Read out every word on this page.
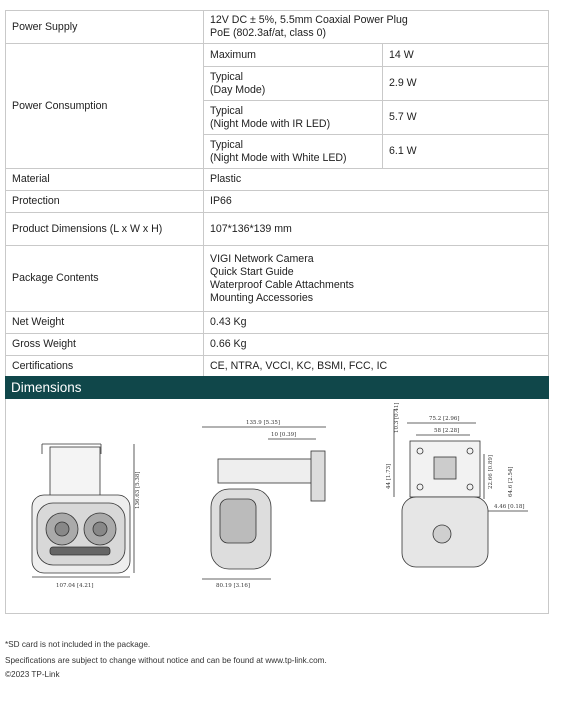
Power Supply	12V DC ± 5%, 5.5mm Coaxial Power Plug
PoE (802.3af/at, class 0)	

Power Consumption	Maximum	14 W

	Typical
(Day Mode)	2.9 W

	Typical
(Night Mode with IR LED)	5.7 W

	Typical
(Night Mode with White LED)	6.1 W
Material	Plastic	
Protection	IP66	
Product Dimensions (L x W x H)	107*136*139 mm	
Package Contents	VIGI Network Camera
Quick Start Guide
Waterproof Cable Attachments
Mounting Accessories	

Net Weight	0.43 Kg	
Gross Weight	0.66 Kg	
Certifications	CE, NTRA, VCCI, KC, BSMI, FCC, IC	
Dimensions
136.63 [5.38]
107.04 [4.21]
135.9 [5.35]
10 [0.39]
80.19 [3.16]
75.2 [2.96]
58 [2.28]
10.3 [0.41]
44 [1.73]	22.66 [0.89]	64.6 [2.54]
4.46 [0.18]
*SD card is not included in the package.
Specifications are subject to change without notice and can be found at www.tp-link.com.
©2023 TP-Link
